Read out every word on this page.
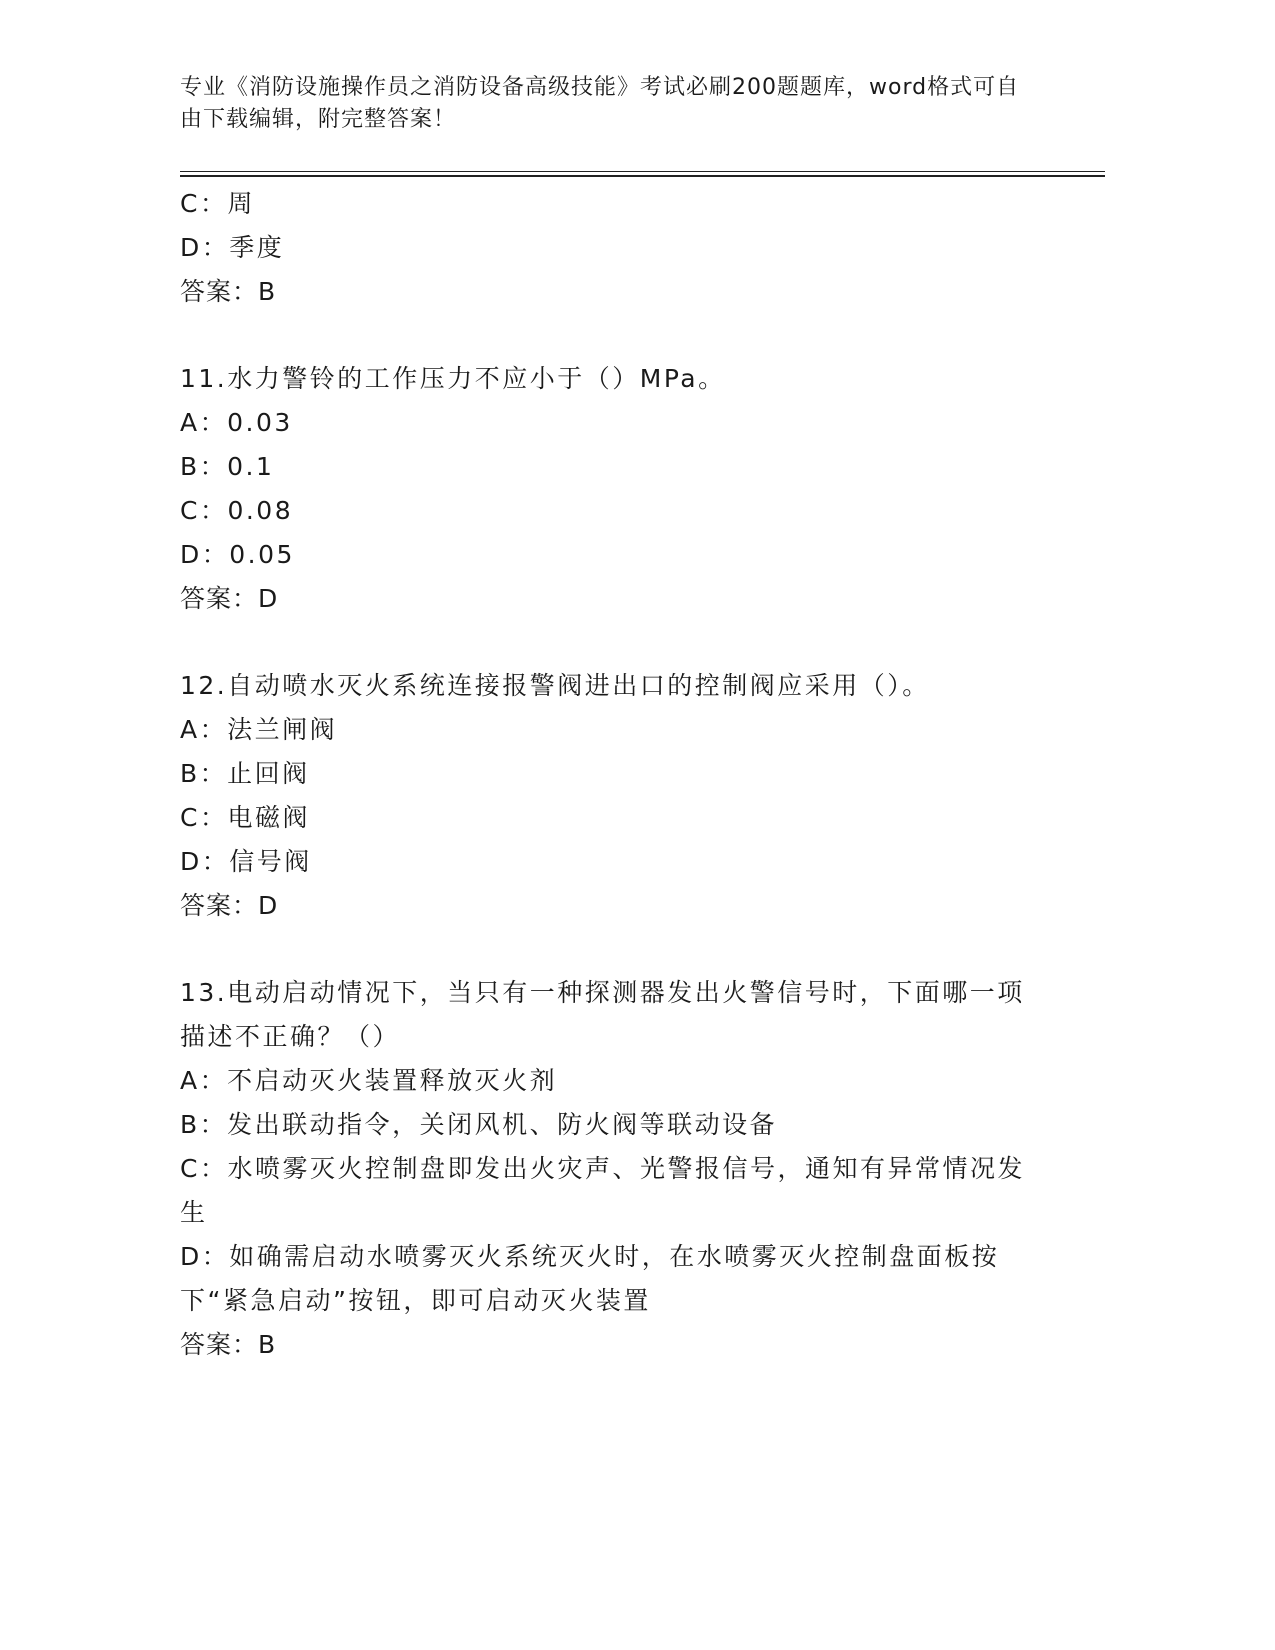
专业《消防设施操作员之消防设备高级技能》考试必刷200题题库，word格式可自由下载编辑，附完整答案！
C：周
D：季度
答案：B
11.水力警铃的工作压力不应小于（）MPa。
A：0.03
B：0.1
C：0.08
D：0.05
答案：D
12.自动喷水灭火系统连接报警阀进出口的控制阀应采用（）。
A：法兰闸阀
B：止回阀
C：电磁阀
D：信号阀
答案：D
13.电动启动情况下，当只有一种探测器发出火警信号时，下面哪一项描述不正确？（）
A：不启动灭火装置释放灭火剂
B：发出联动指令，关闭风机、防火阀等联动设备
C：水喷雾灭火控制盘即发出火灾声、光警报信号，通知有异常情况发生
D：如确需启动水喷雾灭火系统灭火时，在水喷雾灭火控制盘面板按下“紧急启动”按钮，即可启动灭火装置
答案：B
